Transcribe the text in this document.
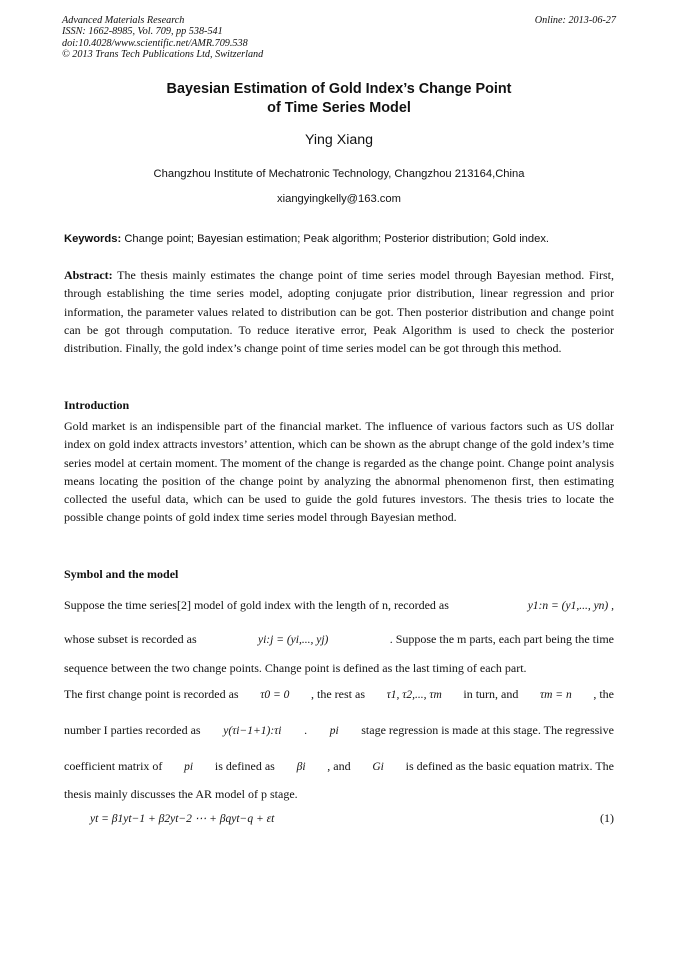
Advanced Materials Research
ISSN: 1662-8985, Vol. 709, pp 538-541
doi:10.4028/www.scientific.net/AMR.709.538
© 2013 Trans Tech Publications Ltd, Switzerland
Online: 2013-06-27
Bayesian Estimation of Gold Index’s Change Point
of Time Series Model
Ying Xiang
Changzhou Institute of Mechatronic Technology, Changzhou 213164,China
xiangyingkelly@163.com
Keywords: Change point; Bayesian estimation; Peak algorithm; Posterior distribution; Gold index.
Abstract: The thesis mainly estimates the change point of time series model through Bayesian method. First, through establishing the time series model, adopting conjugate prior distribution, linear regression and prior information, the parameter values related to distribution can be got. Then posterior distribution and change point can be got through computation. To reduce iterative error, Peak Algorithm is used to check the posterior distribution. Finally, the gold index’s change point of time series model can be got through this method.
Introduction
Gold market is an indispensible part of the financial market. The influence of various factors such as US dollar index on gold index attracts investors’ attention, which can be shown as the abrupt change of the gold index’s time series model at certain moment. The moment of the change is regarded as the change point. Change point analysis means locating the position of the change point by analyzing the abnormal phenomenon first, then estimating collected the useful data, which can be used to guide the gold futures investors. The thesis tries to locate the possible change points of gold index time series model through Bayesian method.
Symbol and the model
Suppose the time series[2] model of gold index with the length of n, recorded as	y1:n = (y1,..., yn) ,
whose subset is recorded as	yi:j = (yi,..., yj)	. Suppose the m parts, each part being the time
sequence between the two change points. Change point is defined as the last timing of each part.
The first change point is recorded as τ0 = 0 , the rest as τ1, τ2,..., τm in turn, and τm = n , the
number I parties recorded as y(τi−1+1):τi . pi stage regression is made at this stage. The regressive
coefficient matrix of pi is defined as βi , and Gi is defined as the basic equation matrix. The
thesis mainly discusses the AR model of p stage.
yt = β1yt−1 + β2yt−2 ⋯ + βqyt−q + εt	(1)
